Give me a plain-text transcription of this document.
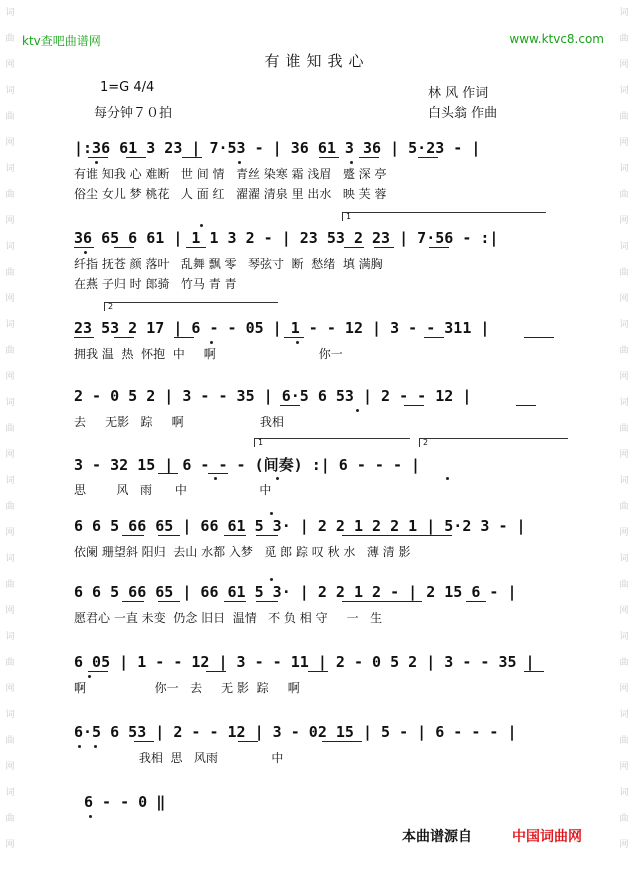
词
曲
网
词
曲
网
词
曲
网
词
曲
网
词
曲
网
词
曲
网
词
曲
网
词
曲
网
词
曲
网
词
曲
网
词
曲
网
词
曲
网
词
曲
网
词
曲
网
词
曲
网
词
曲
网
词
曲
网
词
曲
网
词
曲
网
词
曲
网
词
曲
网
词
曲
网
ktv查吧曲谱网	www.ktvc8.com
有谁知我心
1=G 4/4
每分钟７０拍
林 风 作词
白头翁 作曲
|:36 61 3 23 | 7·53 - | 36 61 3 36 | 5·23 - |
有谁 知我 心 难断   世 间 情   青丝 染寒 霜 浅眉   蹙 深 亭
俗尘 女儿 梦 桃花   人 面 红   濯濯 清泉 里 出水   映 芙 蓉
1
36 65 6 61 | 1 1 3 2 - | 23 53 2 23 | 7·56 - :|
纤指 抚苍 颜 落叶   乱舞 飘 零   琴弦寸  断  愁绪  填 满胸
在燕 子归 时 郎骑   竹马 青 青
2
23 53 2 17 | 6 - - 05 | 1 - - 12 | 3 - - 311 |
拥我 温  热  怀抱  中     啊                           你一
2 - 0 5 2 | 3 - - 35 | 6·5 6 53 | 2 - - 12 |
去     无影   踪     啊                    我相
1	2
3 - 32 15 | 6 - - - (间奏) :| 6 - - - |
思        风   雨      中                   中
6 6 5 66 65 | 66 61 5 3· | 2 2 1 2 2 1 | 5·2 3 - |
依阑 珊望斜 阳归  去山 水都 入梦   觅 郎 踪 叹 秋 水   薄 清 影
6 6 5 66 65 | 66 61 5 3· | 2 2 1 2 - | 2 15 6 - |
愿君心 一直 未变  仍念 旧日  温情   不 负 相 守     一   生
6 05 | 1 - - 12 | 3 - - 11 | 2 - 0 5 2 | 3 - - 35 |
啊                  你一   去     无 影  踪     啊
6·5 6 53 | 2 - - 12 | 3 - 02 15 | 5 - | 6 - - - |
我相  思   风雨              中
6 - - 0 ‖
本曲谱源自	中国词曲网
